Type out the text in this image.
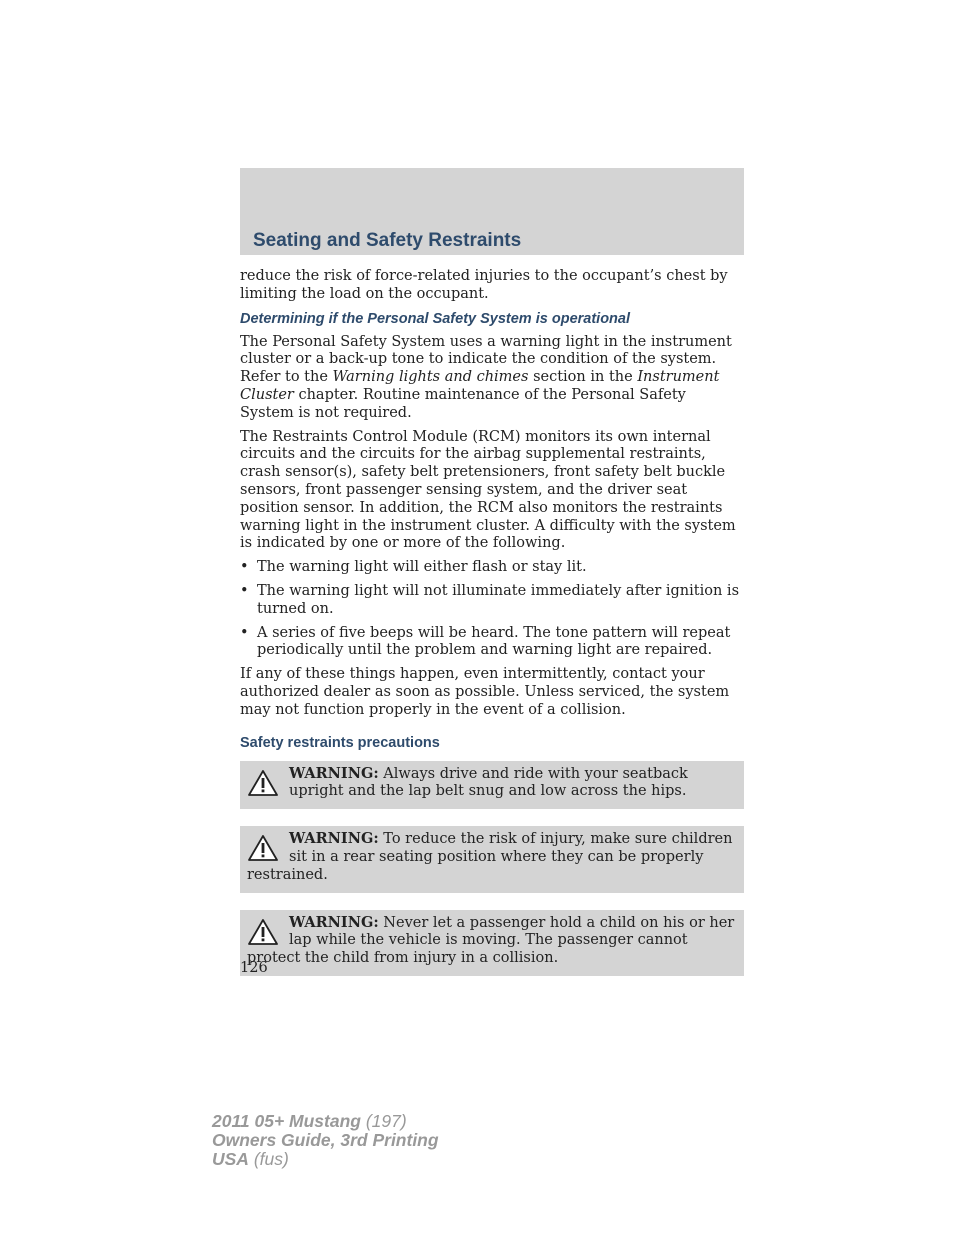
Seating and Safety Restraints

reduce the risk of force-related injuries to the occupant’s chest by limiting the load on the occupant.

Determining if the Personal Safety System is operational

The Personal Safety System uses a warning light in the instrument cluster or a back-up tone to indicate the condition of the system. Refer to the Warning lights and chimes section in the Instrument Cluster chapter. Routine maintenance of the Personal Safety System is not required.

The Restraints Control Module (RCM) monitors its own internal circuits and the circuits for the airbag supplemental restraints, crash sensor(s), safety belt pretensioners, front safety belt buckle sensors, front passenger sensing system, and the driver seat position sensor. In addition, the RCM also monitors the restraints warning light in the instrument cluster. A difficulty with the system is indicated by one or more of the following.

• The warning light will either flash or stay lit.
• The warning light will not illuminate immediately after ignition is turned on.
• A series of five beeps will be heard. The tone pattern will repeat periodically until the problem and warning light are repaired.

If any of these things happen, even intermittently, contact your authorized dealer as soon as possible. Unless serviced, the system may not function properly in the event of a collision.

Safety restraints precautions
WARNING: Always drive and ride with your seatback upright and the lap belt snug and low across the hips.
WARNING: To reduce the risk of injury, make sure children sit in a rear seating position where they can be properly restrained.
WARNING: Never let a passenger hold a child on his or her lap while the vehicle is moving. The passenger cannot protect the child from injury in a collision.
126
2011 05+ Mustang (197)
Owners Guide, 3rd Printing
USA (fus)
